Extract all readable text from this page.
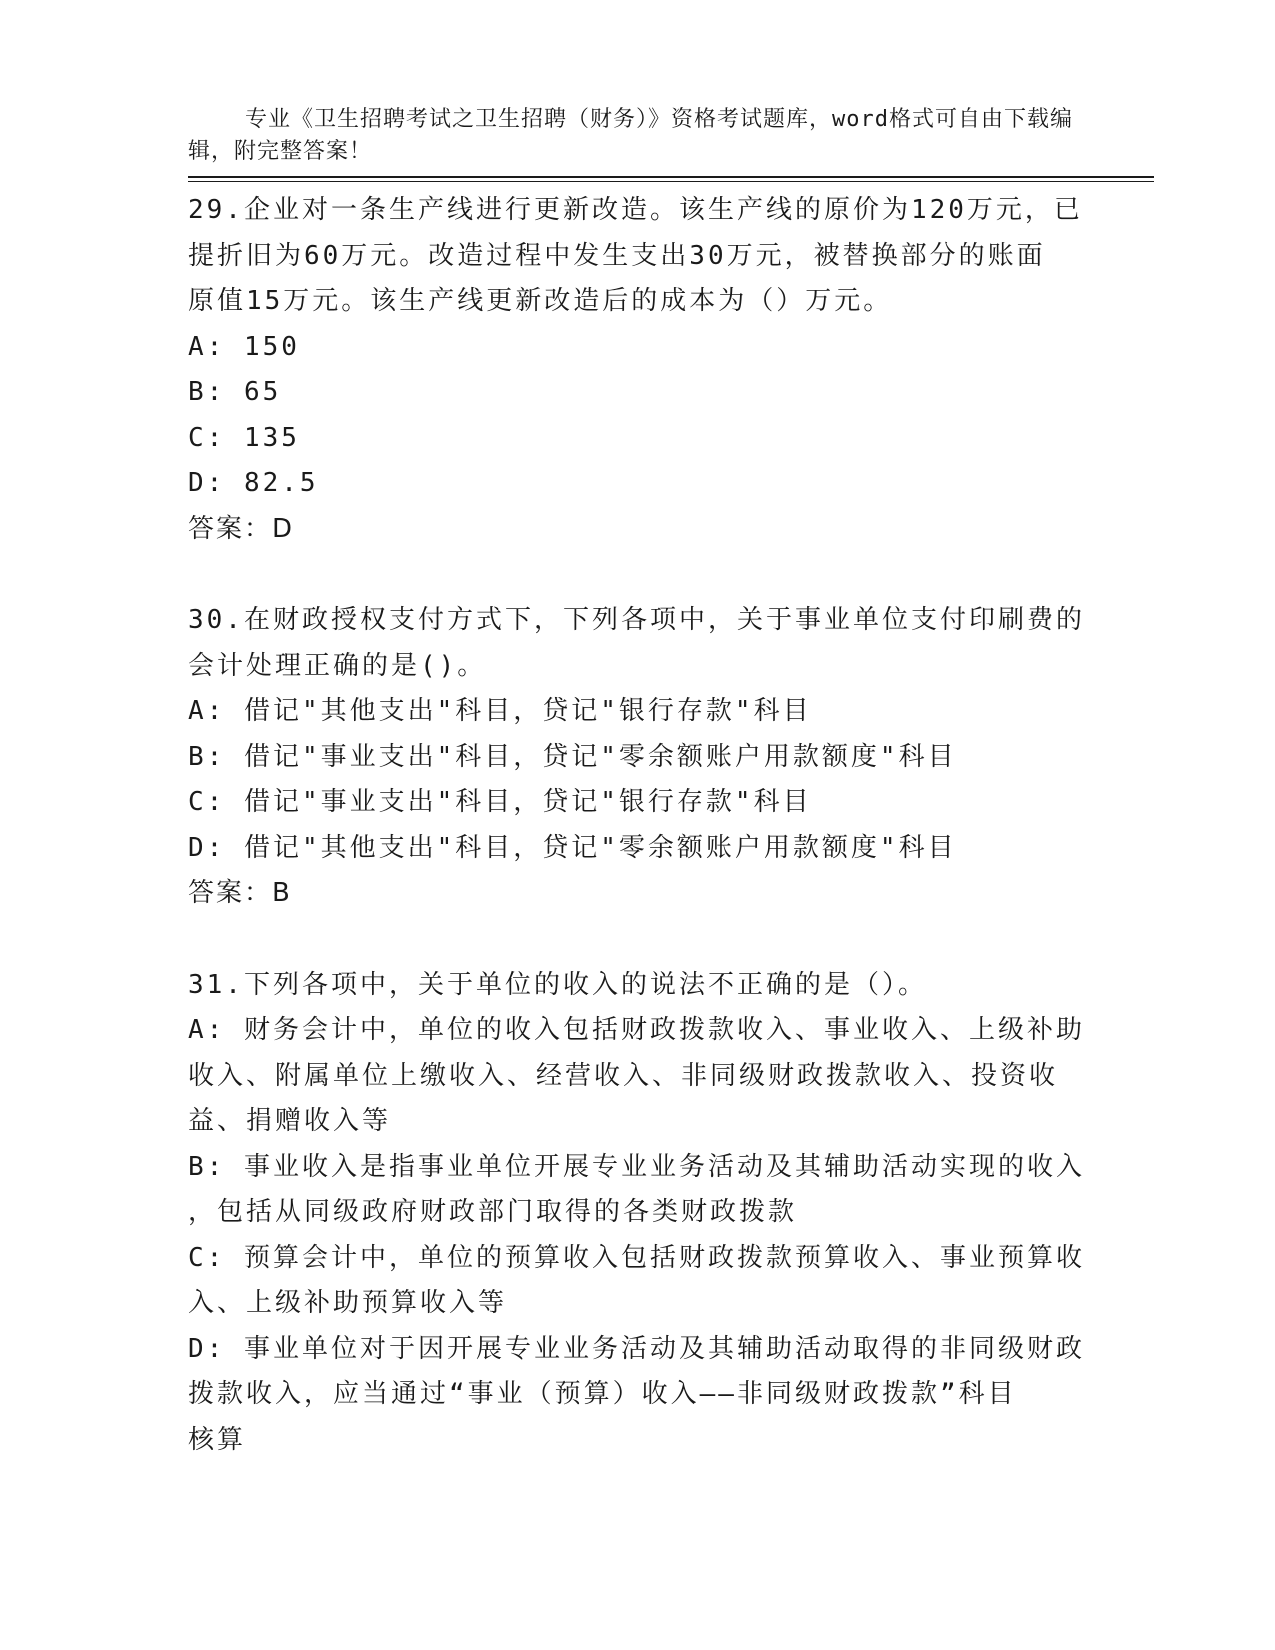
专业《卫生招聘考试之卫生招聘（财务）》资格考试题库，word格式可自由下载编辑，附完整答案！

29.企业对一条生产线进行更新改造。该生产线的原价为120万元，已

提折旧为60万元。改造过程中发生支出30万元，被替换部分的账面

原值15万元。该生产线更新改造后的成本为（）万元。

A: 150

B: 65

C: 135

D: 82.5

答案：D

30.在财政授权支付方式下，下列各项中，关于事业单位支付印刷费的

会计处理正确的是()。

A: 借记"其他支出"科目，贷记"银行存款"科目

B: 借记"事业支出"科目，贷记"零余额账户用款额度"科目

C: 借记"事业支出"科目，贷记"银行存款"科目

D: 借记"其他支出"科目，贷记"零余额账户用款额度"科目

答案：B

31.下列各项中，关于单位的收入的说法不正确的是（）。

A: 财务会计中，单位的收入包括财政拨款收入、事业收入、上级补助

收入、附属单位上缴收入、经营收入、非同级财政拨款收入、投资收

益、捐赠收入等

B: 事业收入是指事业单位开展专业业务活动及其辅助活动实现的收入

，包括从同级政府财政部门取得的各类财政拨款

C: 预算会计中，单位的预算收入包括财政拨款预算收入、事业预算收

入、上级补助预算收入等

D: 事业单位对于因开展专业业务活动及其辅助活动取得的非同级财政

拨款收入，应当通过“事业（预算）收入——非同级财政拨款”科目

核算
